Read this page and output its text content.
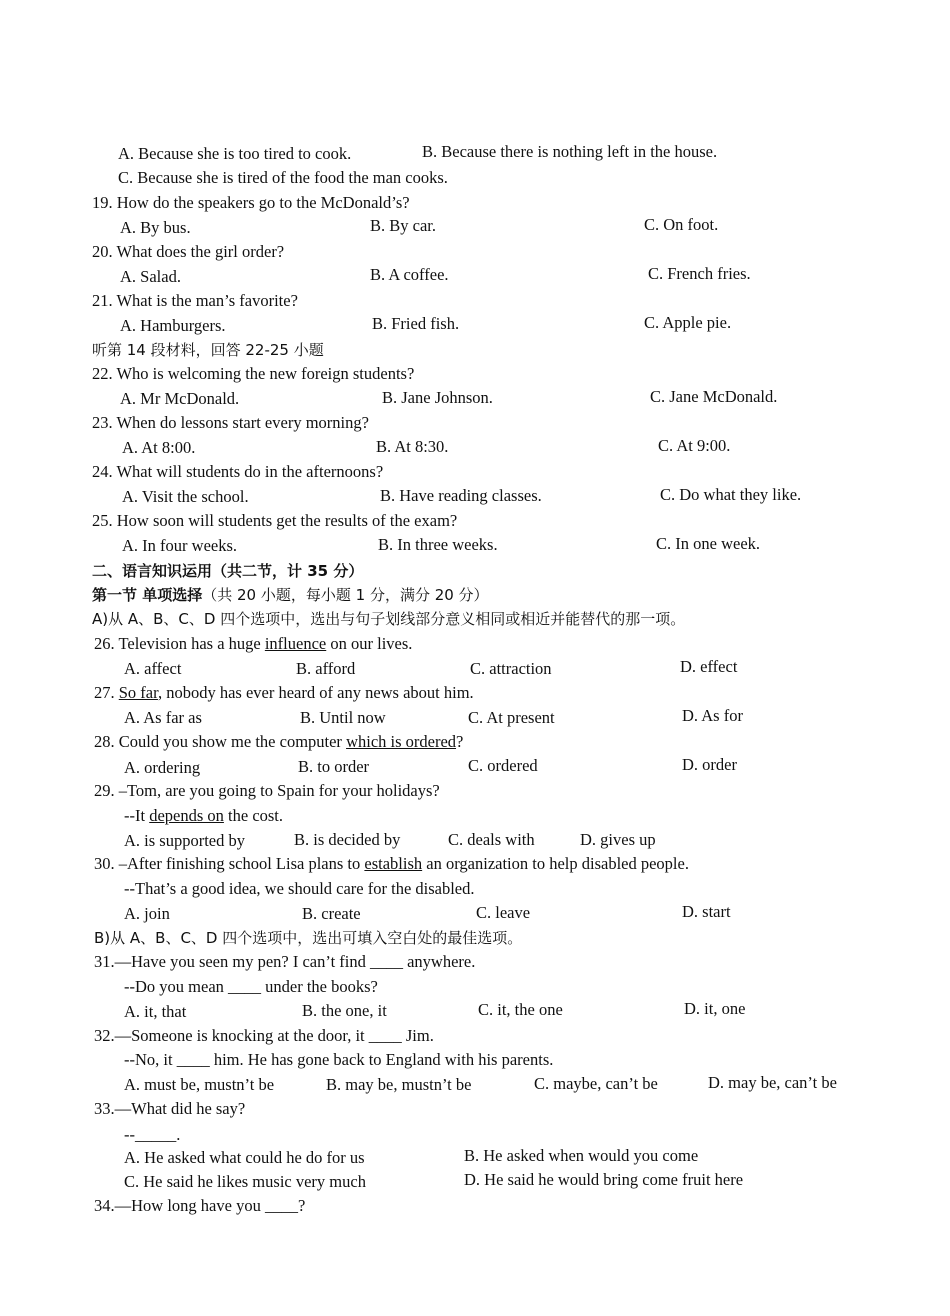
A. Because she is too tired to cook.	B. Because there is nothing left in the house.
C. Because she is tired of the food the man cooks.
19. How do the speakers go to the McDonald’s?
A. By bus.	B. By car.	C. On foot.
20. What does the girl order?
A. Salad.	B. A coffee.	C. French fries.
21. What is the man’s favorite?
A. Hamburgers.	B. Fried fish.	C. Apple pie.
听第 14 段材料，回答 22-25 小题
22. Who is welcoming the new foreign students?
A. Mr McDonald.	B. Jane Johnson.	C. Jane McDonald.
23. When do lessons start every morning?
A. At 8:00.	B. At 8:30.	C. At 9:00.
24. What will students do in the afternoons?
A. Visit the school.	B. Have reading classes.	C. Do what they like.
25. How soon will students get the results of the exam?
A. In four weeks.	B. In three weeks.	C. In one week.
二、语言知识运用（共二节，计 35 分）
第一节 单项选择（共 20 小题，每小题 1 分，满分 20 分）
A)从 A、B、C、D 四个选项中，选出与句子划线部分意义相同或相近并能替代的那一项。
26. Television has a huge influence on our lives.
A. affect	B. afford	C. attraction	D. effect
27. So far, nobody has ever heard of any news about him.
A. As far as	B. Until now	C. At present	D. As for
28. Could you show me the computer which is ordered?
A. ordering	B. to order	C. ordered	D. order
29. –Tom, are you going to Spain for your holidays?
--It depends on the cost.
A. is supported by	B. is decided by	C. deals with	D. gives up
30. –After finishing school Lisa plans to establish an organization to help disabled people.
--That’s a good idea, we should care for the disabled.
A. join	B. create	C. leave	D. start
B)从 A、B、C、D 四个选项中，选出可填入空白处的最佳选项。
31.—Have you seen my pen? I can’t find ____ anywhere.
--Do you mean ____ under the books?
A. it, that	B. the one, it	C. it, the one	D. it, one
32.—Someone is knocking at the door, it ____ Jim.
--No, it ____ him. He has gone back to England with his parents.
A. must be, mustn’t be	B. may be, mustn’t be	C. maybe, can’t be	D. may be, can’t be
33.—What did he say?
--_____.
A. He asked what could he do for us	B. He asked when would you come
C. He said he likes music very much	D. He said he would bring come fruit here
34.—How long have you ____?
